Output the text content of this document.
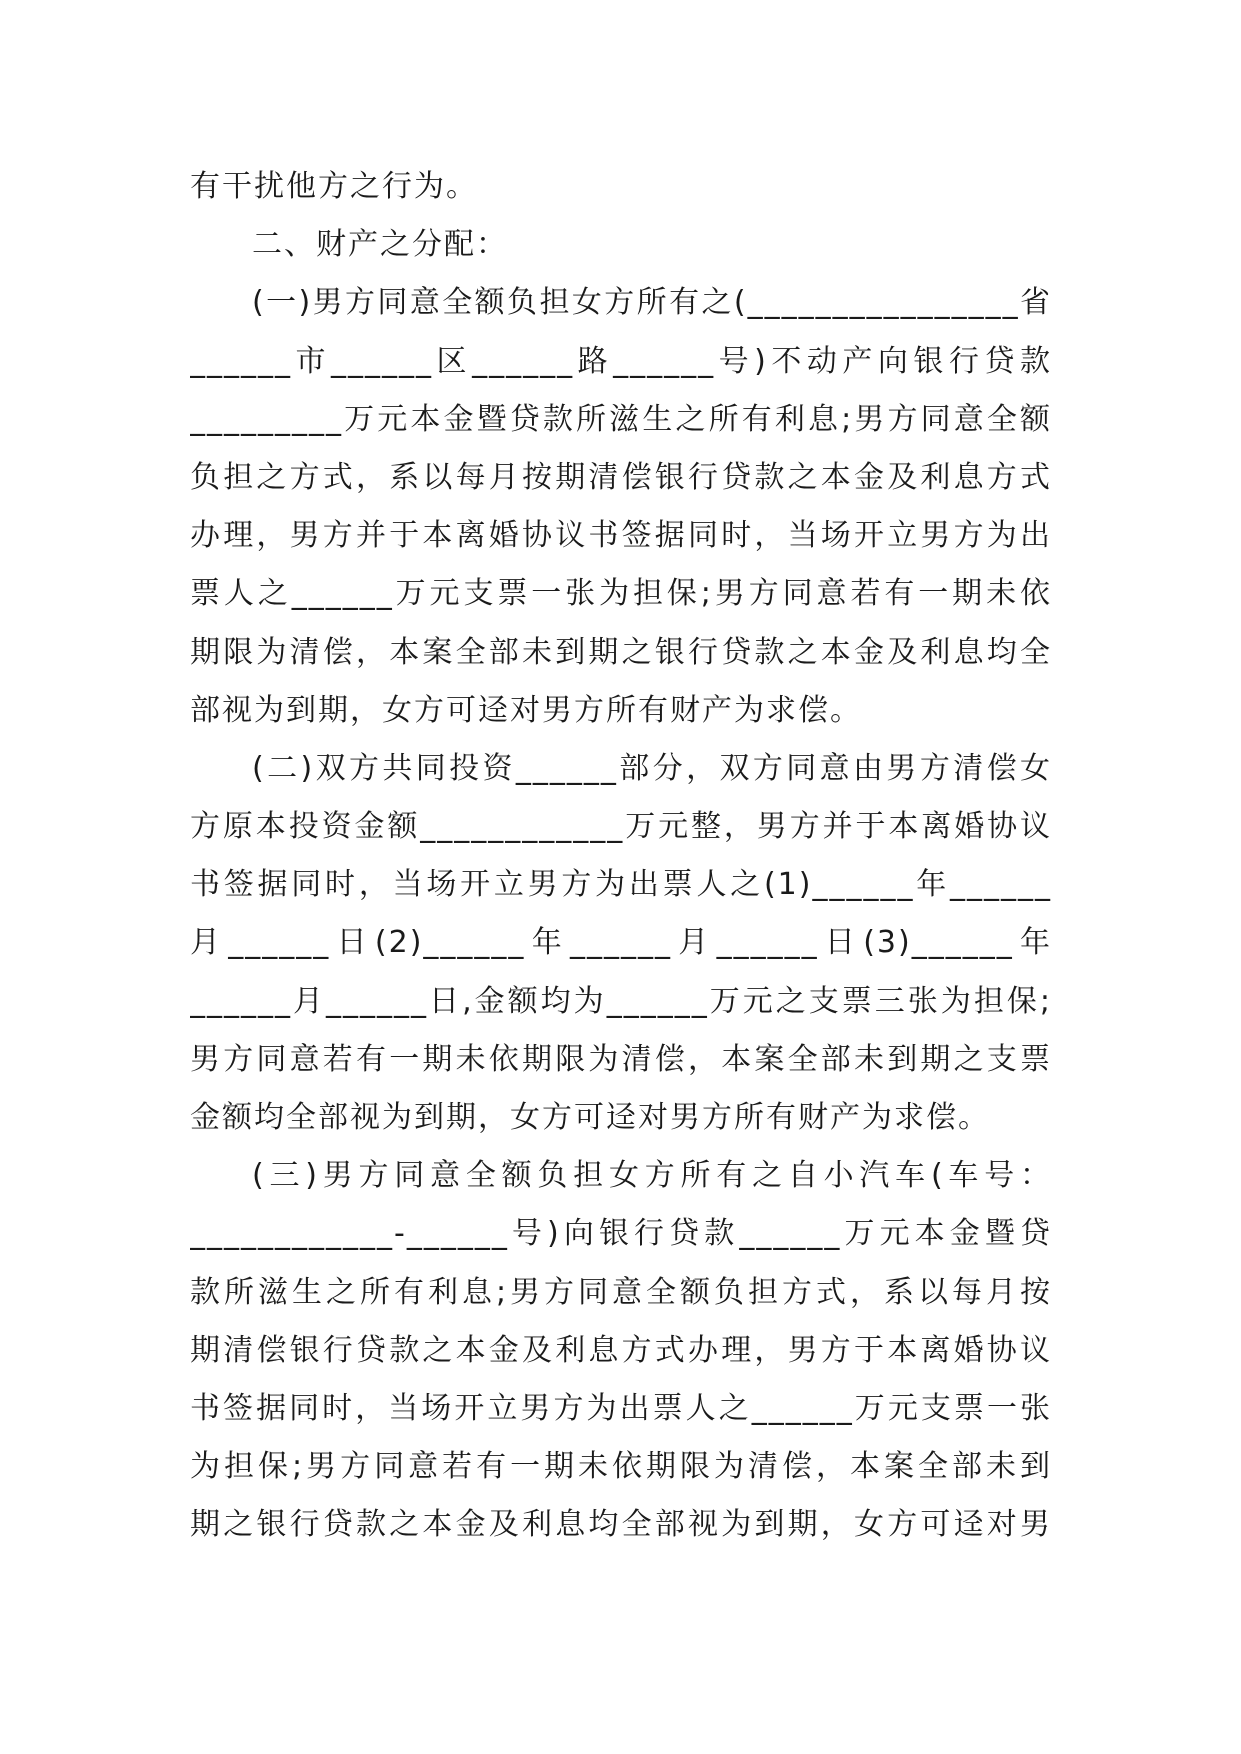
有干扰他方之行为。
二、财产之分配：
(一)男方同意全额负担女方所有之(________________省
______市______区______路______号)不动产向银行贷款
_________万元本金暨贷款所滋生之所有利息;男方同意全额
负担之方式，系以每月按期清偿银行贷款之本金及利息方式
办理，男方并于本离婚协议书签据同时，当场开立男方为出
票人之______万元支票一张为担保;男方同意若有一期未依
期限为清偿，本案全部未到期之银行贷款之本金及利息均全
部视为到期，女方可迳对男方所有财产为求偿。
(二)双方共同投资______部分，双方同意由男方清偿女
方原本投资金额____________万元整，男方并于本离婚协议
书签据同时，当场开立男方为出票人之(1)______年______
月______日(2)______年______月______日(3)______年
______月______日,金额均为______万元之支票三张为担保;
男方同意若有一期未依期限为清偿，本案全部未到期之支票
金额均全部视为到期，女方可迳对男方所有财产为求偿。
(三)男方同意全额负担女方所有之自小汽车(车号：
____________-______号)向银行贷款______万元本金暨贷
款所滋生之所有利息;男方同意全额负担方式，系以每月按
期清偿银行贷款之本金及利息方式办理，男方于本离婚协议
书签据同时，当场开立男方为出票人之______万元支票一张
为担保;男方同意若有一期未依期限为清偿，本案全部未到
期之银行贷款之本金及利息均全部视为到期，女方可迳对男
